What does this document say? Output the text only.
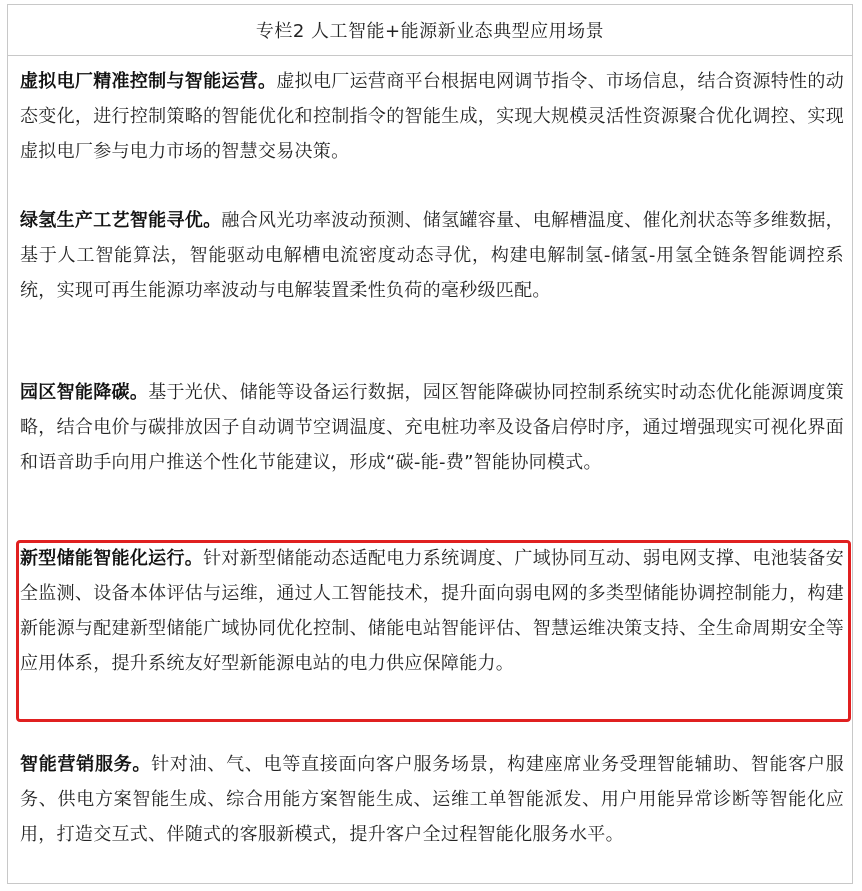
专栏2 人工智能+能源新业态典型应用场景

虚拟电厂精准控制与智能运营。虚拟电厂运营商平台根据电网调节指令、市场信息，结合资源特性的动态变化，进行控制策略的智能优化和控制指令的智能生成，实现大规模灵活性资源聚合优化调控、实现虚拟电厂参与电力市场的智慧交易决策。

绿氢生产工艺智能寻优。融合风光功率波动预测、储氢罐容量、电解槽温度、催化剂状态等多维数据，基于人工智能算法，智能驱动电解槽电流密度动态寻优，构建电解制氢-储氢-用氢全链条智能调控系统，实现可再生能源功率波动与电解装置柔性负荷的毫秒级匹配。

园区智能降碳。基于光伏、储能等设备运行数据，园区智能降碳协同控制系统实时动态优化能源调度策略，结合电价与碳排放因子自动调节空调温度、充电桩功率及设备启停时序，通过增强现实可视化界面和语音助手向用户推送个性化节能建议，形成“碳-能-费”智能协同模式。

新型储能智能化运行。针对新型储能动态适配电力系统调度、广域协同互动、弱电网支撑、电池装备安全监测、设备本体评估与运维，通过人工智能技术，提升面向弱电网的多类型储能协调控制能力，构建新能源与配建新型储能广域协同优化控制、储能电站智能评估、智慧运维决策支持、全生命周期安全等应用体系，提升系统友好型新能源电站的电力供应保障能力。

智能营销服务。针对油、气、电等直接面向客户服务场景，构建座席业务受理智能辅助、智能客户服务、供电方案智能生成、综合用能方案智能生成、运维工单智能派发、用户用能异常诊断等智能化应用，打造交互式、伴随式的客服新模式，提升客户全过程智能化服务水平。
